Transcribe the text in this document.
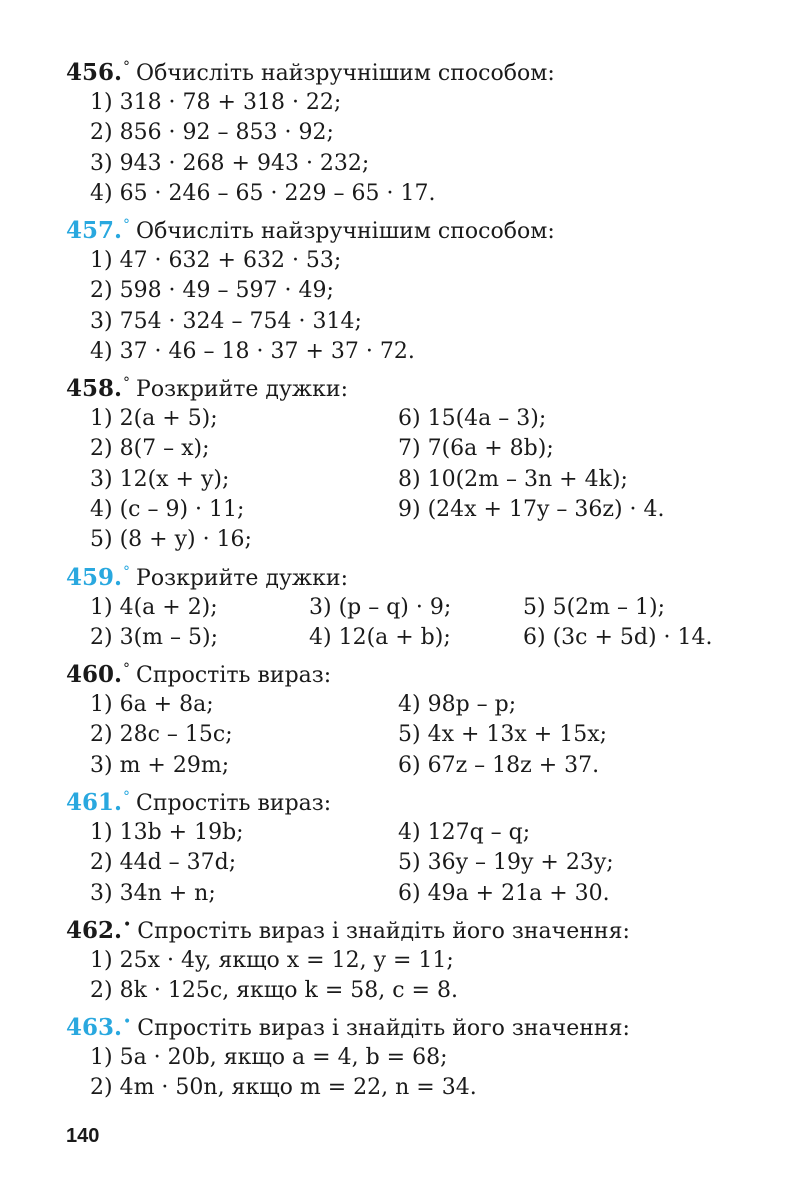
456.° Обчисліть найзручнішим способом:
1) 318 · 78 + 318 · 22;
2) 856 · 92 – 853 · 92;
3) 943 · 268 + 943 · 232;
4) 65 · 246 – 65 · 229 – 65 · 17.
457.° Обчисліть найзручнішим способом:
1) 47 · 632 + 632 · 53;
2) 598 · 49 – 597 · 49;
3) 754 · 324 – 754 · 314;
4) 37 · 46 – 18 · 37 + 37 · 72.
458.° Розкрийте дужки:
1) 2(a + 5);	6) 15(4a – 3);
2) 8(7 – x);	7) 7(6a + 8b);
3) 12(x + y);	8) 10(2m – 3n + 4k);
4) (c – 9) · 11;	9) (24x + 17y – 36z) · 4.
5) (8 + y) · 16;
459.° Розкрийте дужки:
1) 4(a + 2);	3) (p – q) · 9;	5) 5(2m – 1);
2) 3(m – 5);	4) 12(a + b);	6) (3c + 5d) · 14.
460.° Спростіть вираз:
1) 6a + 8a;	4) 98p – p;
2) 28c – 15c;	5) 4x + 13x + 15x;
3) m + 29m;	6) 67z – 18z + 37.
461.° Спростіть вираз:
1) 13b + 19b;	4) 127q – q;
2) 44d – 37d;	5) 36y – 19y + 23y;
3) 34n + n;	6) 49a + 21a + 30.
462.• Спростіть вираз і знайдіть його значення:
1) 25x · 4y, якщо x = 12, y = 11;
2) 8k · 125c, якщо k = 58, c = 8.
463.• Спростіть вираз і знайдіть його значення:
1) 5a · 20b, якщо a = 4, b = 68;
2) 4m · 50n, якщо m = 22, n = 34.
140
